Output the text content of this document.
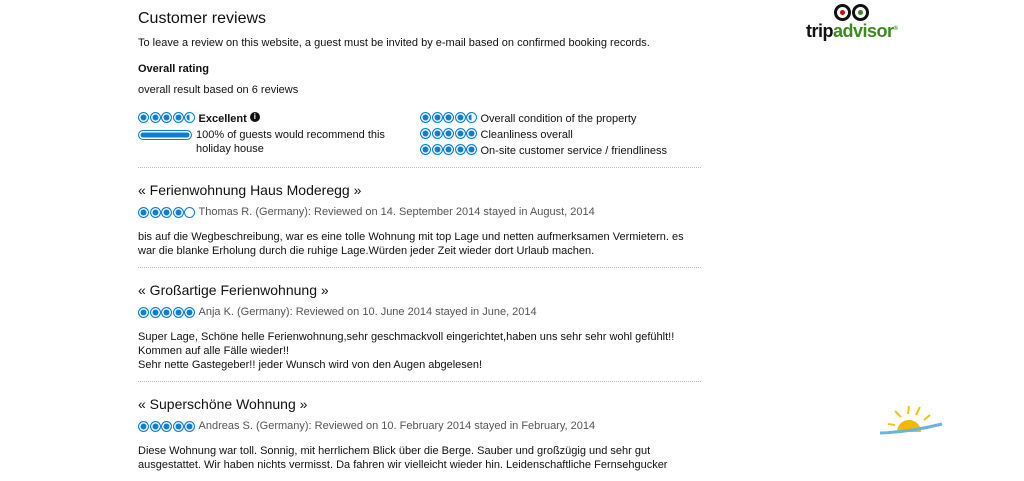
Customer reviews
To leave a review on this website, a guest must be invited by e-mail based on confirmed booking records.
Overall rating
overall result based on 6 reviews
Excellent
i
100% of guests would recommend this holiday house
Overall condition of the property
Cleanliness overall
On-site customer service / friendliness
« Ferienwohnung Haus Moderegg »
Thomas R. (Germany): Reviewed on 14. September 2014 stayed in August, 2014
bis auf die Wegbeschreibung, war es eine tolle Wohnung mit top Lage und netten aufmerksamen Vermietern. es
war die blanke Erholung durch die ruhige Lage.Würden jeder Zeit wieder dort Urlaub machen.
« Großartige Ferienwohnung »
Anja K. (Germany): Reviewed on 10. June 2014 stayed in June, 2014
Super Lage, Schöne helle Ferienwohnung,sehr geschmackvoll eingerichtet,haben uns sehr sehr wohl gefühlt!!
Kommen auf alle Fälle wieder!!
Sehr nette Gastegeber!! jeder Wunsch wird von den Augen abgelesen!
« Superschöne Wohnung »
Andreas S. (Germany): Reviewed on 10. February 2014 stayed in February, 2014
Diese Wohnung war toll. Sonnig, mit herrlichem Blick über die Berge. Sauber und großzügig und sehr gut
ausgestattet. Wir haben nichts vermisst. Da fahren wir vielleicht wieder hin. Leidenschaftliche Fernsehgucker
tripadvisor®
